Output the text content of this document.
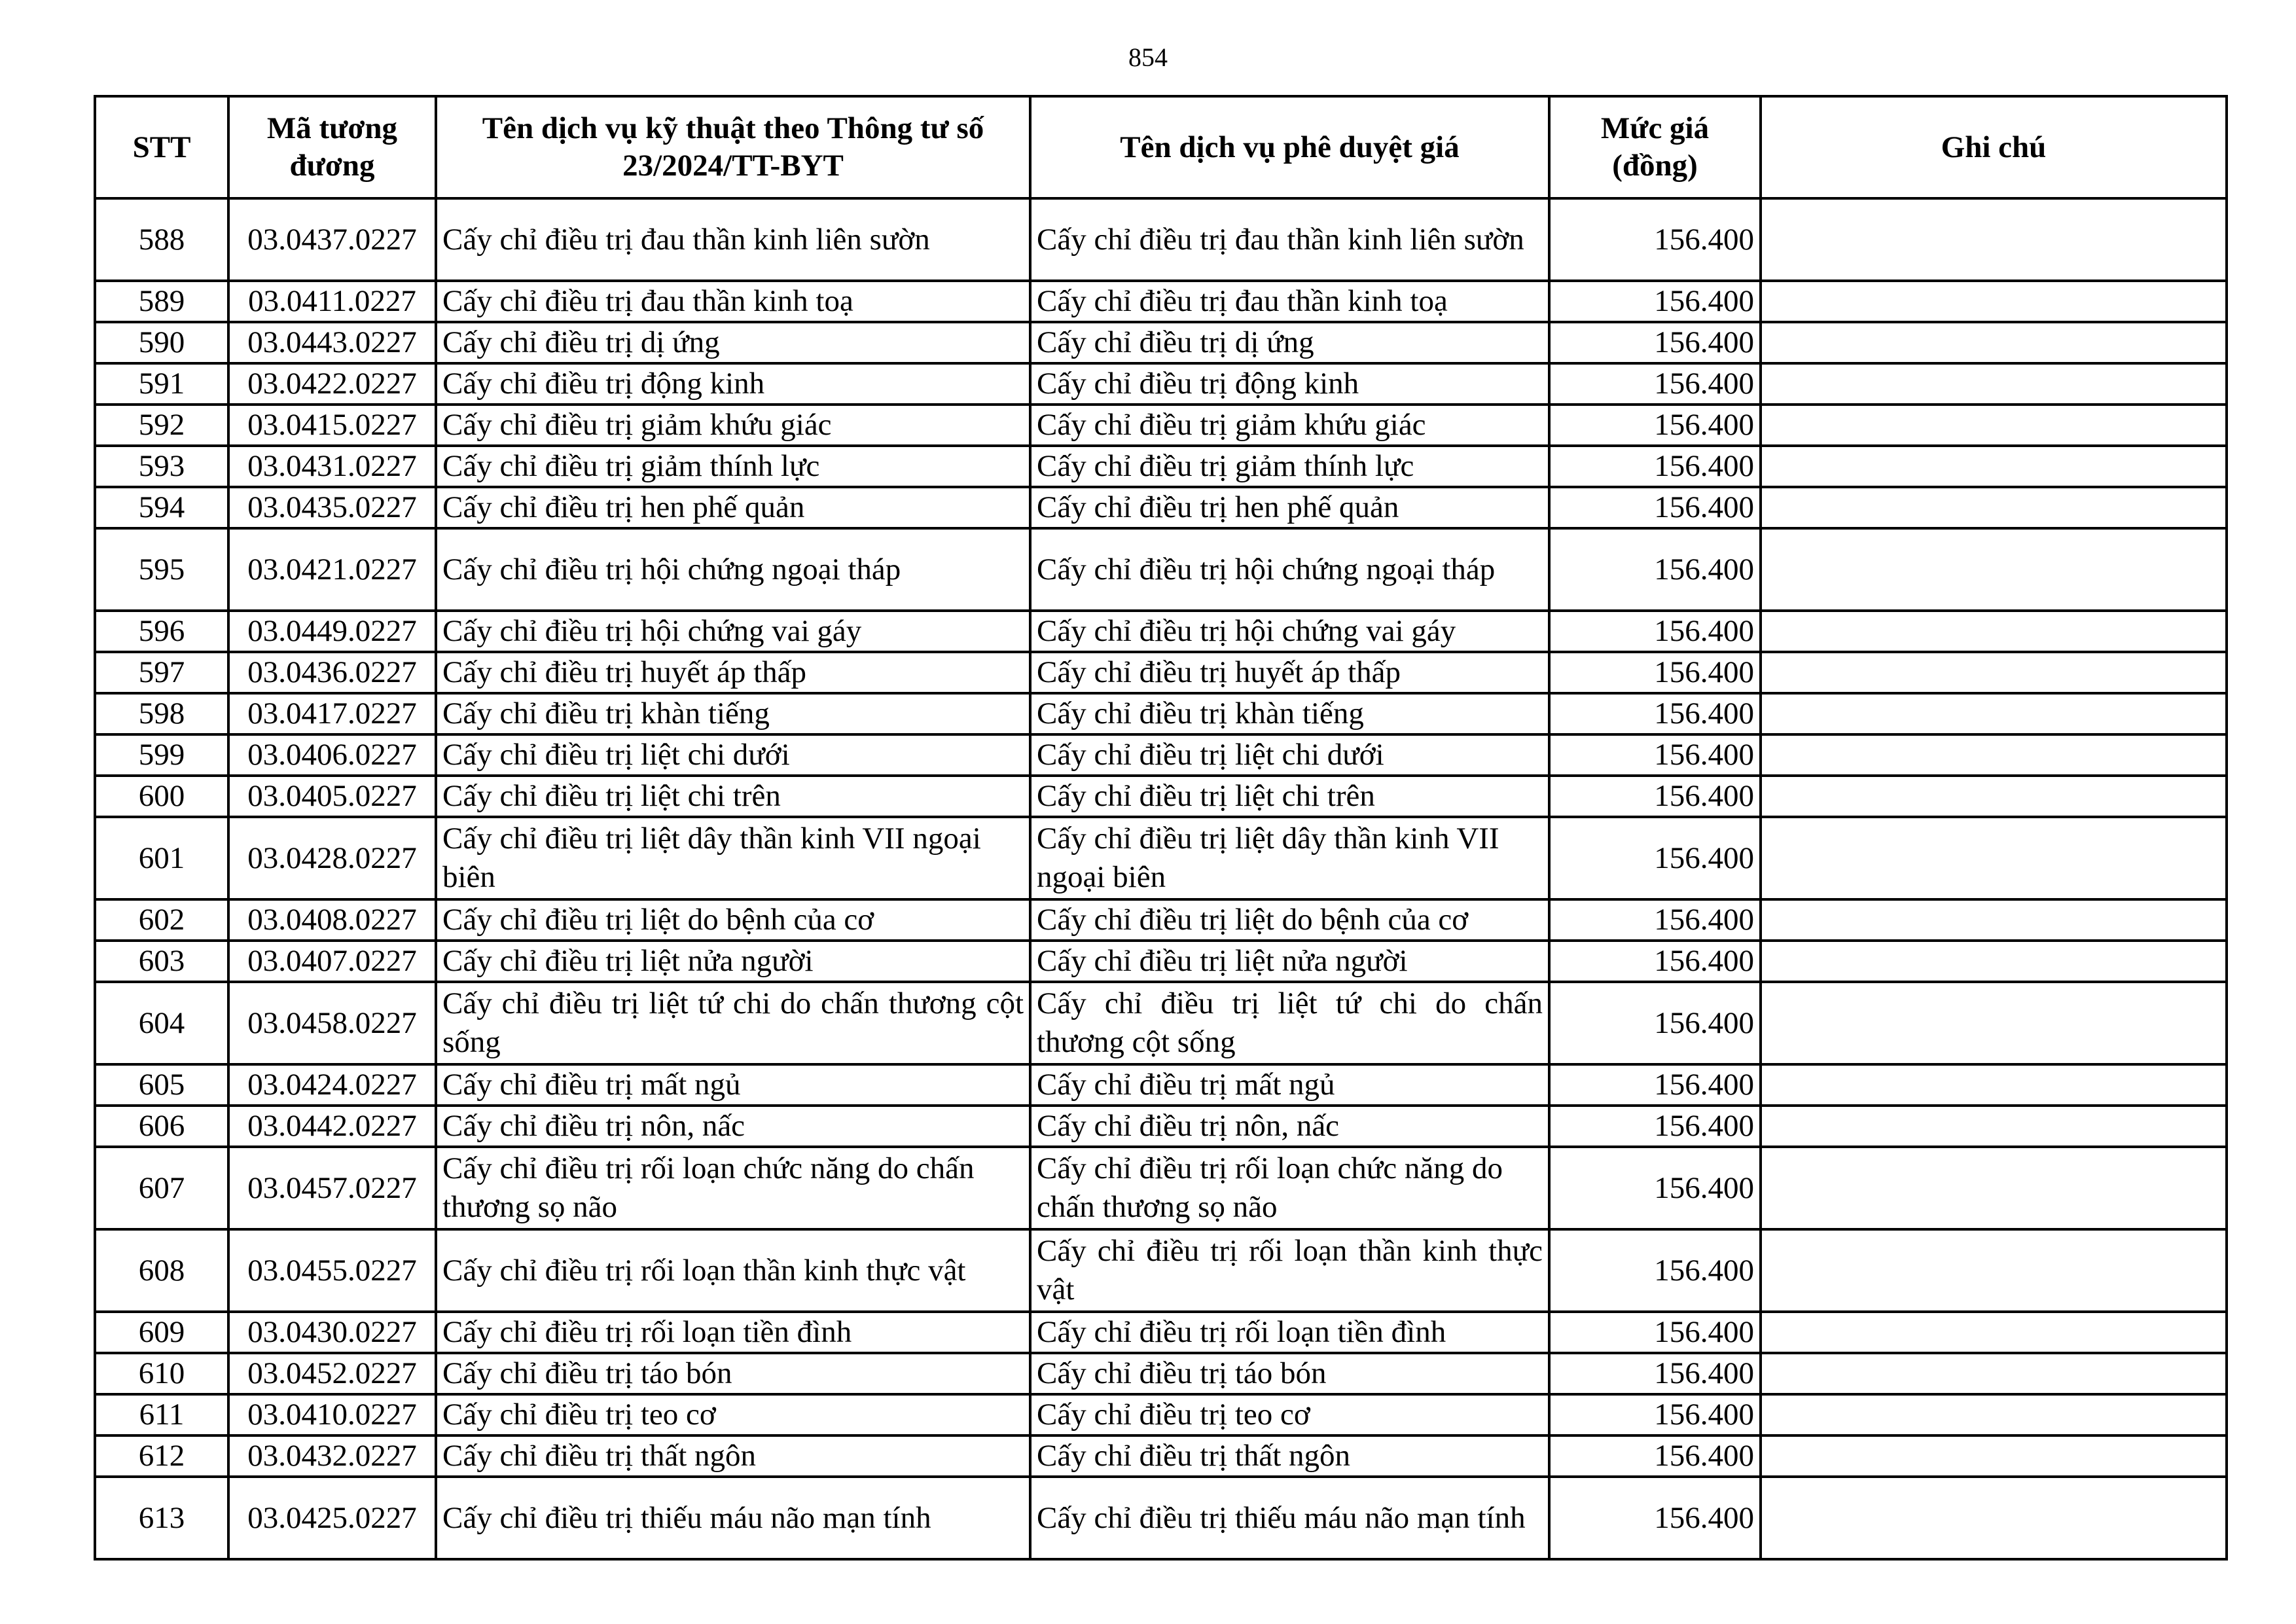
854
STT	Mã tương đương	Tên dịch vụ kỹ thuật theo Thông tư số 23/2024/TT-BYT	Tên dịch vụ phê duyệt giá	Mức giá (đồng)	Ghi chú
588	03.0437.0227	Cấy chỉ điều trị đau thần kinh liên sườn	Cấy chỉ điều trị đau thần kinh liên sườn	156.400	
589	03.0411.0227	Cấy chỉ điều trị đau thần kinh toạ	Cấy chỉ điều trị đau thần kinh toạ	156.400	
590	03.0443.0227	Cấy chỉ điều trị dị ứng	Cấy chỉ điều trị dị ứng	156.400	
591	03.0422.0227	Cấy chỉ điều trị động kinh	Cấy chỉ điều trị động kinh	156.400	
592	03.0415.0227	Cấy chỉ điều trị giảm khứu giác	Cấy chỉ điều trị giảm khứu giác	156.400	
593	03.0431.0227	Cấy chỉ điều trị giảm thính lực	Cấy chỉ điều trị giảm thính lực	156.400	
594	03.0435.0227	Cấy chỉ điều trị hen phế quản	Cấy chỉ điều trị hen phế quản	156.400	
595	03.0421.0227	Cấy chỉ điều trị hội chứng ngoại tháp	Cấy chỉ điều trị hội chứng ngoại tháp	156.400	
596	03.0449.0227	Cấy chỉ điều trị hội chứng vai gáy	Cấy chỉ điều trị hội chứng vai gáy	156.400	
597	03.0436.0227	Cấy chỉ điều trị huyết áp thấp	Cấy chỉ điều trị huyết áp thấp	156.400	
598	03.0417.0227	Cấy chỉ điều trị khàn tiếng	Cấy chỉ điều trị khàn tiếng	156.400	
599	03.0406.0227	Cấy chỉ điều trị liệt chi dưới	Cấy chỉ điều trị liệt chi dưới	156.400	
600	03.0405.0227	Cấy chỉ điều trị liệt chi trên	Cấy chỉ điều trị liệt chi trên	156.400	
601	03.0428.0227	Cấy chỉ điều trị liệt dây thần kinh VII ngoại biên	Cấy chỉ điều trị liệt dây thần kinh VII ngoại biên	156.400	
602	03.0408.0227	Cấy chỉ điều trị liệt do bệnh của cơ	Cấy chỉ điều trị liệt do bệnh của cơ	156.400	
603	03.0407.0227	Cấy chỉ điều trị liệt nửa người	Cấy chỉ điều trị liệt nửa người	156.400	
604	03.0458.0227	Cấy chỉ điều trị liệt tứ chi do chấn thương cột sống	Cấy chỉ điều trị liệt tứ chi do chấn thương cột sống	156.400	
605	03.0424.0227	Cấy chỉ điều trị mất ngủ	Cấy chỉ điều trị mất ngủ	156.400	
606	03.0442.0227	Cấy chỉ điều trị nôn, nấc	Cấy chỉ điều trị nôn, nấc	156.400	
607	03.0457.0227	Cấy chỉ điều trị rối loạn chức năng do chấn thương sọ não	Cấy chỉ điều trị rối loạn chức năng do chấn thương sọ não	156.400	
608	03.0455.0227	Cấy chỉ điều trị rối loạn thần kinh thực vật	Cấy chỉ điều trị rối loạn thần kinh thực vật	156.400	
609	03.0430.0227	Cấy chỉ điều trị rối loạn tiền đình	Cấy chỉ điều trị rối loạn tiền đình	156.400	
610	03.0452.0227	Cấy chỉ điều trị táo bón	Cấy chỉ điều trị táo bón	156.400	
611	03.0410.0227	Cấy chỉ điều trị teo cơ	Cấy chỉ điều trị teo cơ	156.400	
612	03.0432.0227	Cấy chỉ điều trị thất ngôn	Cấy chỉ điều trị thất ngôn	156.400	
613	03.0425.0227	Cấy chỉ điều trị thiếu máu não mạn tính	Cấy chỉ điều trị thiếu máu não mạn tính	156.400	
